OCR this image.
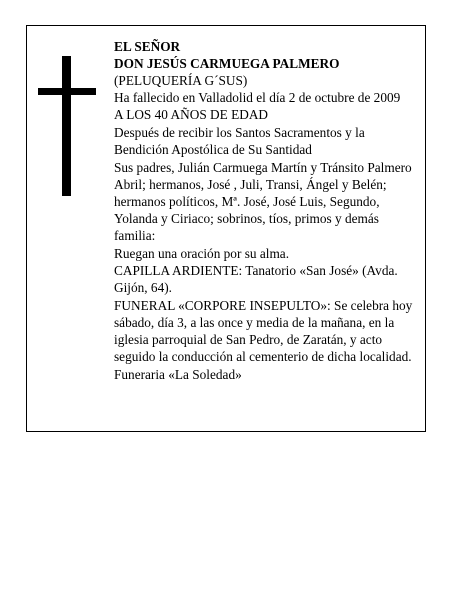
EL SEÑOR

DON JESÚS CARMUEGA PALMERO

(PELUQUERÍA G´SUS)

Ha fallecido en Valladolid el día 2 de octubre de 2009

A LOS 40 AÑOS DE EDAD

Después de recibir los Santos Sacramentos y la Bendición Apostólica de Su Santidad

Sus padres, Julián Carmuega Martín y Tránsito Palmero Abril; hermanos, José , Juli, Transi, Ángel y Belén; hermanos políticos, Mª. José, José Luis, Segundo, Yolanda y Ciriaco; sobrinos, tíos, primos y demás familia:

Ruegan una oración por su alma.

CAPILLA ARDIENTE: Tanatorio «San José» (Avda. Gijón, 64).

FUNERAL «CORPORE INSEPULTO»: Se celebra hoy sábado, día 3, a las once y media de la mañana, en la iglesia parroquial de San Pedro, de Zaratán, y acto seguido la conducción al cementerio de dicha localidad.

Funeraria «La Soledad»
